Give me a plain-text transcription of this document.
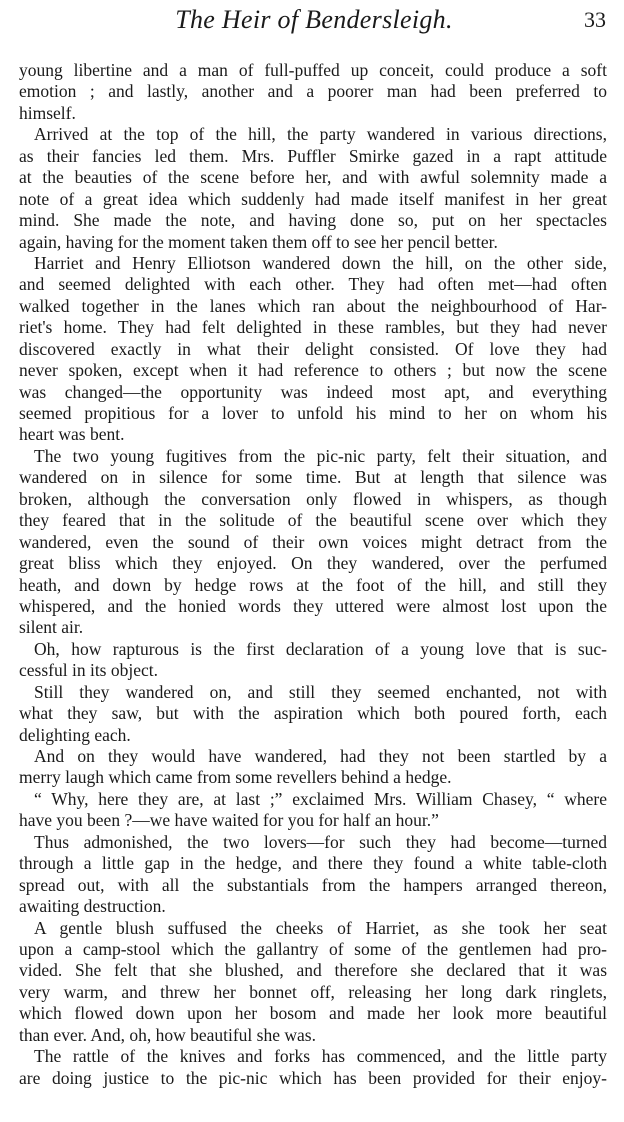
The Heir of Bendersleigh.	33
young libertine and a man of full-puffed up conceit, could produce a soft
emotion ; and lastly, another and a poorer man had been preferred to
himself.
Arrived at the top of the hill, the party wandered in various directions,
as their fancies led them. Mrs. Puffler Smirke gazed in a rapt attitude
at the beauties of the scene before her, and with awful solemnity made a
note of a great idea which suddenly had made itself manifest in her great
mind. She made the note, and having done so, put on her spectacles
again, having for the moment taken them off to see her pencil better.
Harriet and Henry Elliotson wandered down the hill, on the other side,
and seemed delighted with each other. They had often met—had often
walked together in the lanes which ran about the neighbourhood of Har-
riet's home. They had felt delighted in these rambles, but they had never
discovered exactly in what their delight consisted. Of love they had
never spoken, except when it had reference to others ; but now the scene
was changed—the opportunity was indeed most apt, and everything
seemed propitious for a lover to unfold his mind to her on whom his
heart was bent.
The two young fugitives from the pic-nic party, felt their situation, and
wandered on in silence for some time. But at length that silence was
broken, although the conversation only flowed in whispers, as though
they feared that in the solitude of the beautiful scene over which they
wandered, even the sound of their own voices might detract from the
great bliss which they enjoyed. On they wandered, over the perfumed
heath, and down by hedge rows at the foot of the hill, and still they
whispered, and the honied words they uttered were almost lost upon the
silent air.
Oh, how rapturous is the first declaration of a young love that is suc-
cessful in its object.
Still they wandered on, and still they seemed enchanted, not with
what they saw, but with the aspiration which both poured forth, each
delighting each.
And on they would have wandered, had they not been startled by a
merry laugh which came from some revellers behind a hedge.
“ Why, here they are, at last ;” exclaimed Mrs. William Chasey, “ where
have you been ?—we have waited for you for half an hour.”
Thus admonished, the two lovers—for such they had become—turned
through a little gap in the hedge, and there they found a white table-cloth
spread out, with all the substantials from the hampers arranged thereon,
awaiting destruction.
A gentle blush suffused the cheeks of Harriet, as she took her seat
upon a camp-stool which the gallantry of some of the gentlemen had pro-
vided. She felt that she blushed, and therefore she declared that it was
very warm, and threw her bonnet off, releasing her long dark ringlets,
which flowed down upon her bosom and made her look more beautiful
than ever. And, oh, how beautiful she was.
The rattle of the knives and forks has commenced, and the little party
are doing justice to the pic-nic which has been provided for their enjoy-
